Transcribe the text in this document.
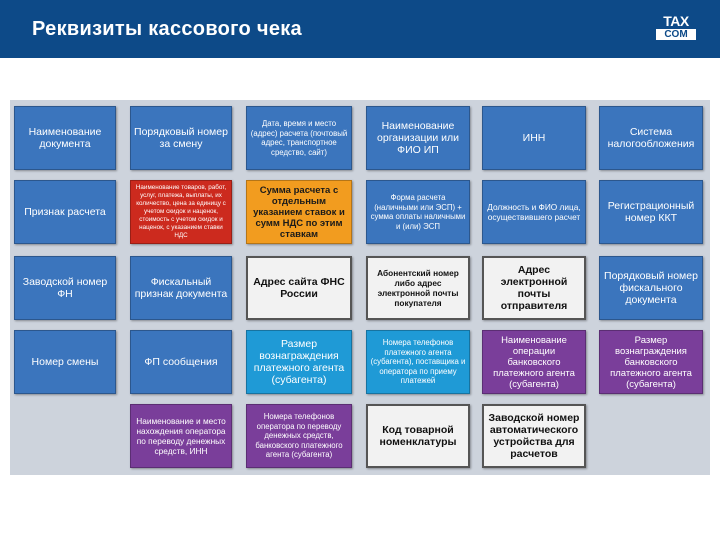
Реквизиты кассового чека	TAX
COM
Наименование документа
Порядковый номер за смену
Дата, время и место (адрес) расчета (почтовый адрес, транспортное средство, сайт)
Наименование организации или ФИО ИП
ИНН	Система налогообложения
Признак расчета
Наименование товаров, работ, услуг, платежа, выплаты, их количество, цена за единицу с учетом скидок и наценок, стоимость с учетом скидок и наценок, с указанием ставки НДС
Сумма расчета с отдельным указанием ставок и сумм НДС по этим ставкам
Форма расчета (наличными или ЭСП) + сумма оплаты наличными и (или) ЭСП
Должность и ФИО лица, осуществившего расчет
Регистрационный номер ККТ
Заводской номер ФН
Фискальный признак документа
Адрес сайта ФНС России
Абонентский номер либо адрес электронной почты покупателя
Адрес электронной почты отправителя
Порядковый номер фискального документа
Номер смены	ФП сообщения
Размер вознаграждения платежного агента (субагента)
Номера телефонов платежного агента (субагента), поставщика и оператора по приему платежей
Наименование операции банковского платежного агента (субагента)
Размер вознаграждения банковского платежного агента (субагента)
Наименование и место нахождения оператора по переводу денежных средств, ИНН
Номера телефонов оператора по переводу денежных средств, банковского платежного агента (субагента)
Код товарной номенклатуры
Заводской номер автоматического устройства для расчетов
